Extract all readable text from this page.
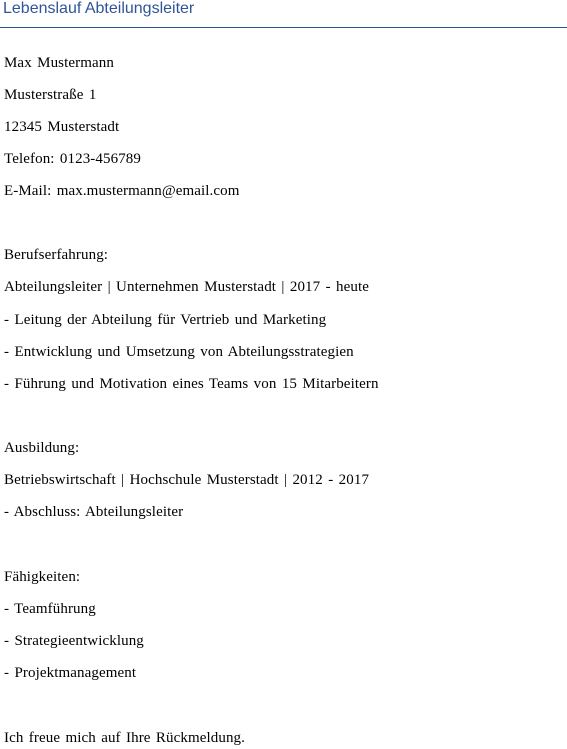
Lebenslauf Abteilungsleiter
Max Mustermann
Musterstraße 1
12345 Musterstadt
Telefon: 0123-456789
E-Mail: max.mustermann@email.com
Berufserfahrung:
Abteilungsleiter | Unternehmen Musterstadt | 2017 - heute
- Leitung der Abteilung für Vertrieb und Marketing
- Entwicklung und Umsetzung von Abteilungsstrategien
- Führung und Motivation eines Teams von 15 Mitarbeitern
Ausbildung:
Betriebswirtschaft | Hochschule Musterstadt | 2012 - 2017
- Abschluss: Abteilungsleiter
Fähigkeiten:
- Teamführung
- Strategieentwicklung
- Projektmanagement
Ich freue mich auf Ihre Rückmeldung.
